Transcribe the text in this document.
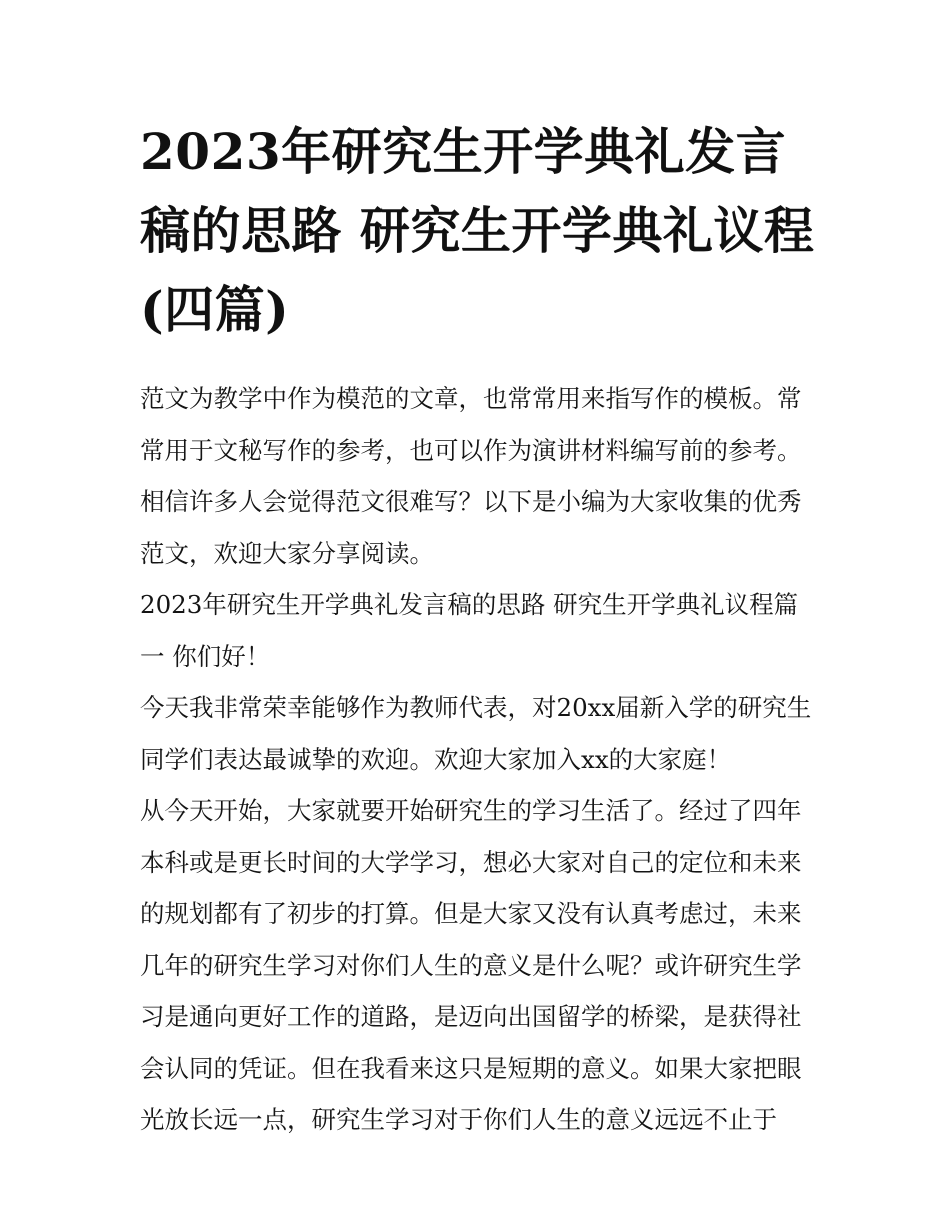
2023年研究生开学典礼发言稿的思路 研究生开学典礼议程(四篇)

范文为教学中作为模范的文章，也常常用来指写作的模板。常常用于文秘写作的参考，也可以作为演讲材料编写前的参考。相信许多人会觉得范文很难写？以下是小编为大家收集的优秀范文，欢迎大家分享阅读。

2023年研究生开学典礼发言稿的思路 研究生开学典礼议程篇一 你们好！

今天我非常荣幸能够作为教师代表，对20xx届新入学的研究生同学们表达最诚挚的欢迎。欢迎大家加入xx的大家庭！

从今天开始，大家就要开始研究生的学习生活了。经过了四年本科或是更长时间的大学学习，想必大家对自己的定位和未来的规划都有了初步的打算。但是大家又没有认真考虑过，未来几年的研究生学习对你们人生的意义是什么呢？或许研究生学习是通向更好工作的道路，是迈向出国留学的桥梁，是获得社会认同的凭证。但在我看来这只是短期的意义。如果大家把眼光放长远一点，研究生学习对于你们人生的意义远远不止于
